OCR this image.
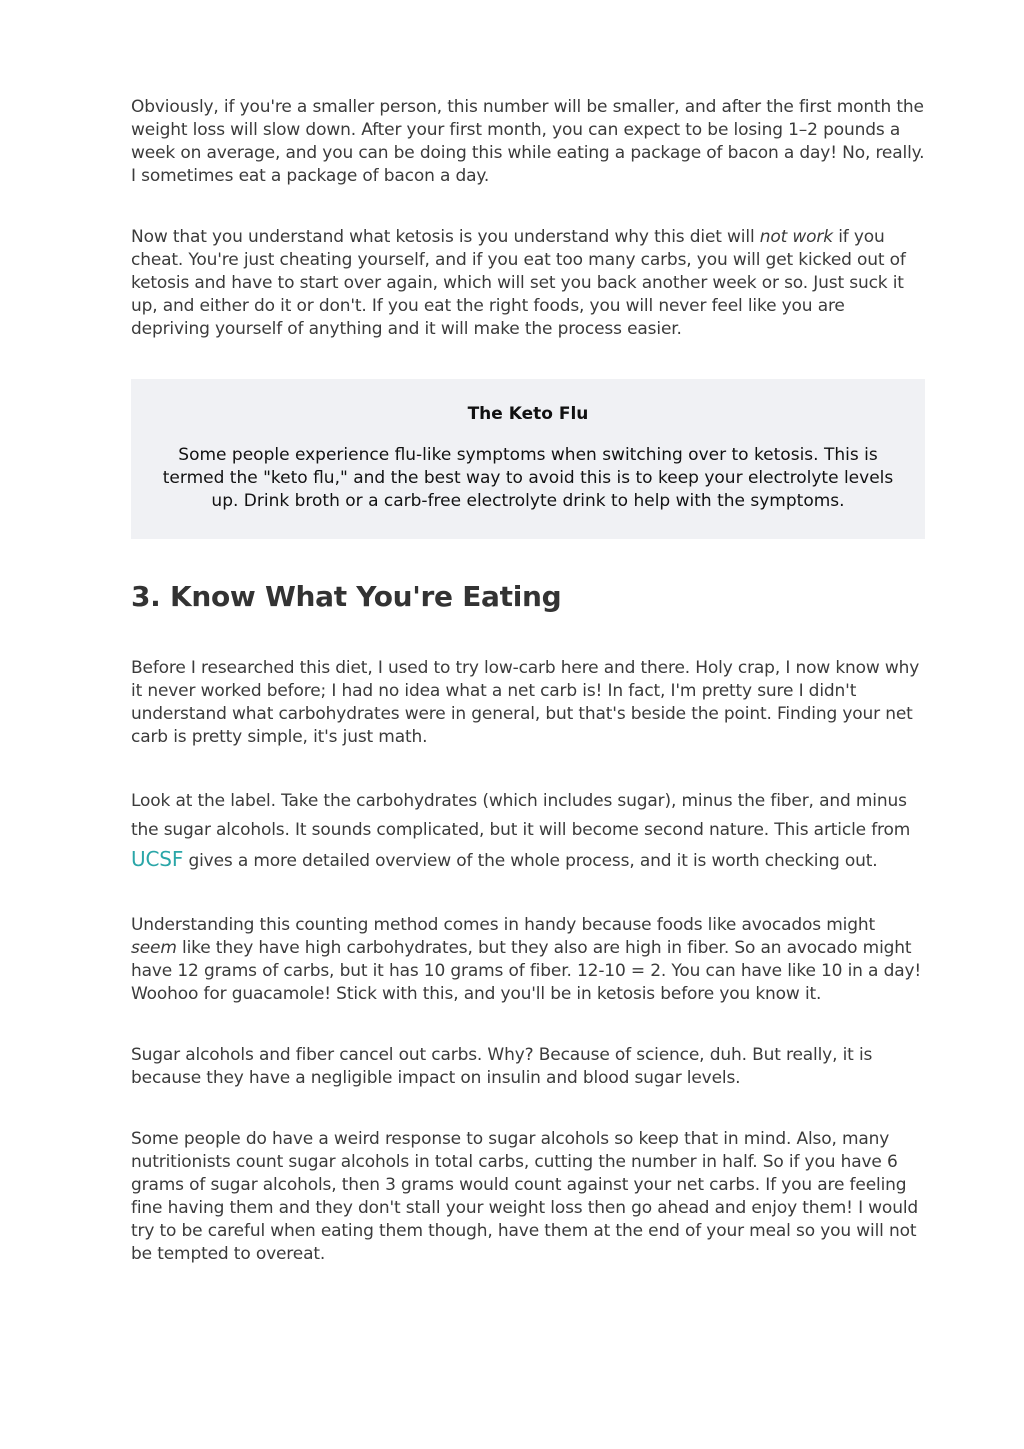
Obviously, if you're a smaller person, this number will be smaller, and after the first month the weight loss will slow down. After your first month, you can expect to be losing 1–2 pounds a week on average, and you can be doing this while eating a package of bacon a day! No, really. I sometimes eat a package of bacon a day.

Now that you understand what ketosis is you understand why this diet will not work if you cheat. You're just cheating yourself, and if you eat too many carbs, you will get kicked out of ketosis and have to start over again, which will set you back another week or so. Just suck it up, and either do it or don't. If you eat the right foods, you will never feel like you are depriving yourself of anything and it will make the process easier.

The Keto Flu
Some people experience flu-like symptoms when switching over to ketosis. This is termed the "keto flu," and the best way to avoid this is to keep your electrolyte levels up. Drink broth or a carb-free electrolyte drink to help with the symptoms.
3. Know What You're Eating

Before I researched this diet, I used to try low-carb here and there. Holy crap, I now know why it never worked before; I had no idea what a net carb is! In fact, I'm pretty sure I didn't understand what carbohydrates were in general, but that's beside the point. Finding your net carb is pretty simple, it's just math.

Look at the label. Take the carbohydrates (which includes sugar), minus the fiber, and minus the sugar alcohols. It sounds complicated, but it will become second nature. This article from UCSF gives a more detailed overview of the whole process, and it is worth checking out.

Understanding this counting method comes in handy because foods like avocados might seem like they have high carbohydrates, but they also are high in fiber. So an avocado might have 12 grams of carbs, but it has 10 grams of fiber. 12-10 = 2. You can have like 10 in a day! Woohoo for guacamole! Stick with this, and you'll be in ketosis before you know it.

Sugar alcohols and fiber cancel out carbs. Why? Because of science, duh. But really, it is because they have a negligible impact on insulin and blood sugar levels.

Some people do have a weird response to sugar alcohols so keep that in mind. Also, many nutritionists count sugar alcohols in total carbs, cutting the number in half. So if you have 6 grams of sugar alcohols, then 3 grams would count against your net carbs. If you are feeling fine having them and they don't stall your weight loss then go ahead and enjoy them! I would try to be careful when eating them though, have them at the end of your meal so you will not be tempted to overeat.
